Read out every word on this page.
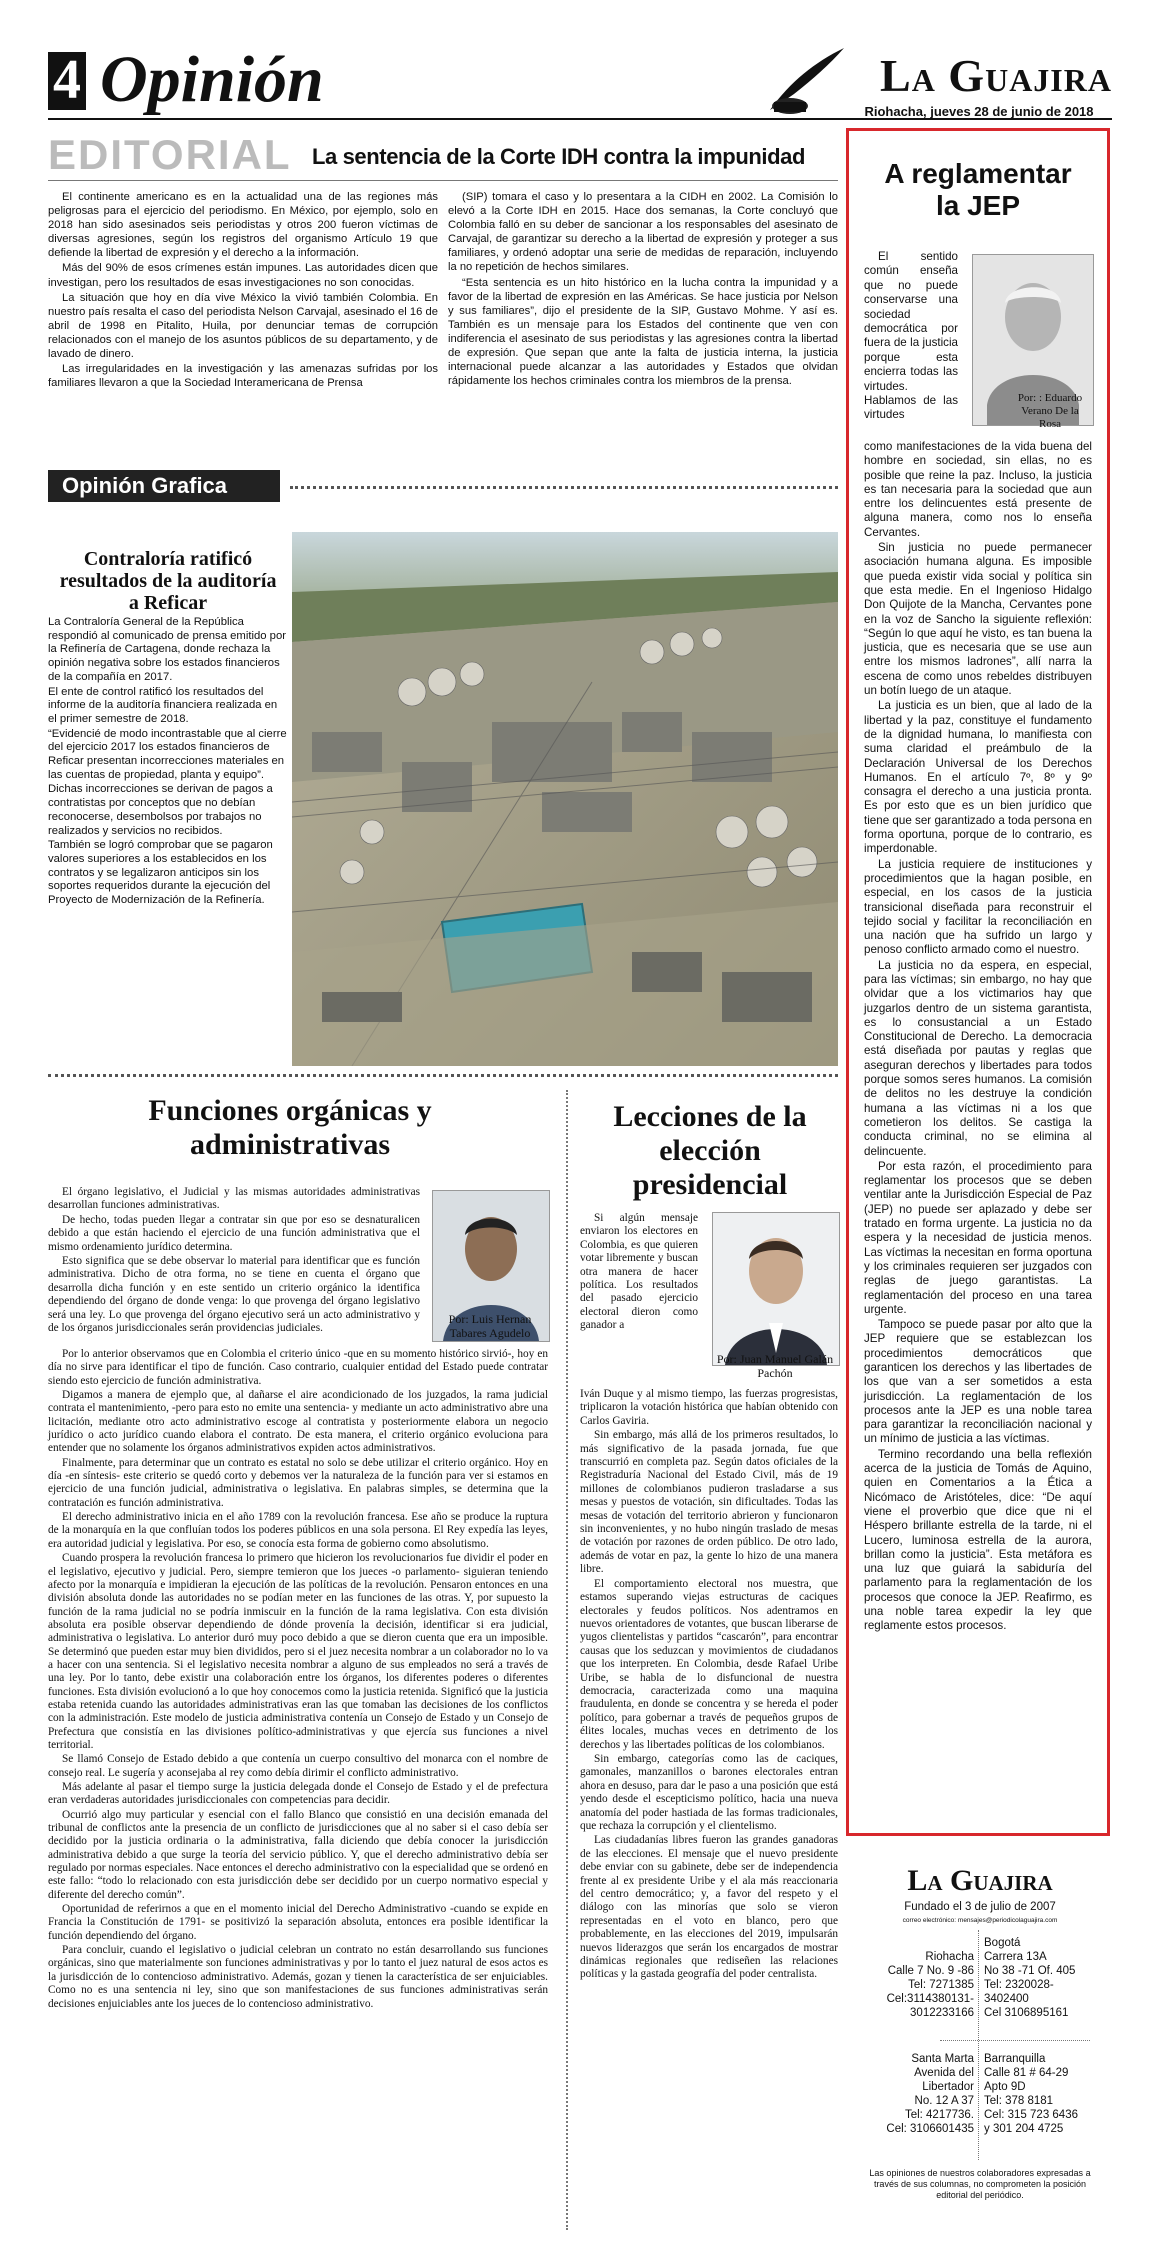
4 Opinión	La Guajira
Riohacha, jueves 28 de junio de 2018
EDITORIAL La sentencia de la Corte IDH contra la impunidad

El continente americano es en la actualidad una de las regiones más peligrosas para el ejercicio del periodismo. En México, por ejemplo, solo en 2018 han sido asesinados seis periodistas y otros 200 fueron víctimas de diversas agresiones, según los registros del organismo Artículo 19 que defiende la libertad de expresión y el derecho a la información.

Más del 90% de esos crímenes están impunes. Las autoridades dicen que investigan, pero los resultados de esas investigaciones no son conocidas.

La situación que hoy en día vive México la vivió también Colombia. En nuestro país resalta el caso del periodista Nelson Carvajal, asesinado el 16 de abril de 1998 en Pitalito, Huila, por denunciar temas de corrupción relacionados con el manejo de los asuntos públicos de su departamento, y de lavado de dinero.

Las irregularidades en la investigación y las amenazas sufridas por los familiares llevaron a que la Sociedad Interamericana de Prensa

(SIP) tomara el caso y lo presentara a la CIDH en 2002. La Comisión lo elevó a la Corte IDH en 2015. Hace dos semanas, la Corte concluyó que Colombia falló en su deber de sancionar a los responsables del asesinato de Carvajal, de garantizar su derecho a la libertad de expresión y proteger a sus familiares, y ordenó adoptar una serie de medidas de reparación, incluyendo la no repetición de hechos similares.

“Esta sentencia es un hito histórico en la lucha contra la impunidad y a favor de la libertad de expresión en las Américas. Se hace justicia por Nelson y sus familiares”, dijo el presidente de la SIP, Gustavo Mohme. Y así es. También es un mensaje para los Estados del continente que ven con indiferencia el asesinato de sus periodistas y las agresiones contra la libertad de expresión. Que sepan que ante la falta de justicia interna, la justicia internacional puede alcanzar a las autoridades y Estados que olvidan rápidamente los hechos criminales contra los miembros de la prensa.

Opinión Grafica
Contraloría ratificó resultados de la auditoría a Reficar

La Contraloría General de la República respondió al comunicado de prensa emitido por la Refinería de Cartagena, donde rechaza la opinión negativa sobre los estados financieros de la compañía en 2017.

El ente de control ratificó los resultados del informe de la auditoría financiera realizada en el primer semestre de 2018.

“Evidencié de modo incontrastable que al cierre del ejercicio 2017 los estados financieros de Reficar presentan incorrecciones materiales en las cuentas de propiedad, planta y equipo”.

Dichas incorrecciones se derivan de pagos a contratistas por conceptos que no debían reconocerse, desembolsos por trabajos no realizados y servicios no recibidos.

También se logró comprobar que se pagaron valores superiores a los establecidos en los contratos y se legalizaron anticipos sin los soportes requeridos durante la ejecución del Proyecto de Modernización de la Refinería.

A reglamentar la JEP
El sentido común enseña que no puede conservarse una sociedad democrática por fuera de la justicia porque esta encierra todas las virtudes. Hablamos de las virtudes
Por: : Eduardo Verano De la Rosa

como manifestaciones de la vida buena del hombre en sociedad, sin ellas, no es posible que reine la paz. Incluso, la justicia es tan necesaria para la sociedad que aun entre los delincuentes está presente de alguna manera, como nos lo enseña Cervantes.

Sin justicia no puede permanecer asociación humana alguna. Es imposible que pueda existir vida social y política sin que esta medie. En el Ingenioso Hidalgo Don Quijote de la Mancha, Cervantes pone en la voz de Sancho la siguiente reflexión: “Según lo que aquí he visto, es tan buena la justicia, que es necesaria que se use aun entre los mismos ladrones”, allí narra la escena de como unos rebeldes distribuyen un botín luego de un ataque.

La justicia es un bien, que al lado de la libertad y la paz, constituye el fundamento de la dignidad humana, lo manifiesta con suma claridad el preámbulo de la Declaración Universal de los Derechos Humanos. En el artículo 7º, 8º y 9º consagra el derecho a una justicia pronta. Es por esto que es un bien jurídico que tiene que ser garantizado a toda persona en forma oportuna, porque de lo contrario, es imperdonable.

La justicia requiere de instituciones y procedimientos que la hagan posible, en especial, en los casos de la justicia transicional diseñada para reconstruir el tejido social y facilitar la reconciliación en una nación que ha sufrido un largo y penoso conflicto armado como el nuestro.

La justicia no da espera, en especial, para las víctimas; sin embargo, no hay que olvidar que a los victimarios hay que juzgarlos dentro de un sistema garantista, es lo consustancial a un Estado Constitucional de Derecho. La democracia está diseñada por pautas y reglas que aseguran derechos y libertades para todos porque somos seres humanos. La comisión de delitos no les destruye la condición humana a las víctimas ni a los que cometieron los delitos. Se castiga la conducta criminal, no se elimina al delincuente.

Por esta razón, el procedimiento para reglamentar los procesos que se deben ventilar ante la Jurisdicción Especial de Paz (JEP) no puede ser aplazado y debe ser tratado en forma urgente. La justicia no da espera y la necesidad de justicia menos. Las víctimas la necesitan en forma oportuna y los criminales requieren ser juzgados con reglas de juego garantistas. La reglamentación del proceso en una tarea urgente.

Tampoco se puede pasar por alto que la JEP requiere que se establezcan los procedimientos democráticos que garanticen los derechos y las libertades de los que van a ser sometidos a esta jurisdicción. La reglamentación de los procesos ante la JEP es una noble tarea para garantizar la reconciliación nacional y un mínimo de justicia a las víctimas.

Termino recordando una bella reflexión acerca de la justicia de Tomás de Aquino, quien en Comentarios a la Ética a Nicómaco de Aristóteles, dice: “De aquí viene el proverbio que dice que ni el Héspero brillante estrella de la tarde, ni el Lucero, luminosa estrella de la aurora, brillan como la justicia”. Esta metáfora es una luz que guiará la sabiduría del parlamento para la reglamentación de los procesos que conoce la JEP. Reafirmo, es una noble tarea expedir la ley que reglamente estos procesos.

Funciones orgánicas y administrativas

El órgano legislativo, el Judicial y las mismas autoridades administrativas desarrollan funciones administrativas.

De hecho, todas pueden llegar a contratar sin que por eso se desnaturalicen debido a que están haciendo el ejercicio de una función administrativa que el mismo ordenamiento jurídico determina.

Esto significa que se debe observar lo material para identificar que es función administrativa. Dicho de otra forma, no se tiene en cuenta el órgano que desarrolla dicha función y en este sentido un criterio orgánico la identifica dependiendo del órgano de donde venga: lo que provenga del órgano legislativo será una ley. Lo que provenga del órgano ejecutivo será un acto administrativo y de los órganos jurisdiccionales serán providencias judiciales.

Por: Luis Hernan Tabares Agudelo

Por lo anterior observamos que en Colombia el criterio único -que en su momento histórico sirvió-, hoy en día no sirve para identificar el tipo de función. Caso contrario, cualquier entidad del Estado puede contratar siendo esto ejercicio de función administrativa.

Digamos a manera de ejemplo que, al dañarse el aire acondicionado de los juzgados, la rama judicial contrata el mantenimiento, -pero para esto no emite una sentencia- y mediante un acto administrativo abre una licitación, mediante otro acto administrativo escoge al contratista y posteriormente elabora un negocio jurídico o acto jurídico cuando elabora el contrato. De esta manera, el criterio orgánico evoluciona para entender que no solamente los órganos administrativos expiden actos administrativos.

Finalmente, para determinar que un contrato es estatal no solo se debe utilizar el criterio orgánico. Hoy en día -en síntesis- este criterio se quedó corto y debemos ver la naturaleza de la función para ver si estamos en ejercicio de una función judicial, administrativa o legislativa. En palabras simples, se determina que la contratación es función administrativa.

El derecho administrativo inicia en el año 1789 con la revolución francesa. Ese año se produce la ruptura de la monarquía en la que confluían todos los poderes públicos en una sola persona. El Rey expedía las leyes, era autoridad judicial y legislativa. Por eso, se conocía esta forma de gobierno como absolutismo.

Cuando prospera la revolución francesa lo primero que hicieron los revolucionarios fue dividir el poder en el legislativo, ejecutivo y judicial. Pero, siempre temieron que los jueces -o parlamento- siguieran teniendo afecto por la monarquía e impidieran la ejecución de las políticas de la revolución. Pensaron entonces en una división absoluta donde las autoridades no se podían meter en las funciones de las otras. Y, por supuesto la función de la rama judicial no se podría inmiscuir en la función de la rama legislativa. Con esta división absoluta era posible observar dependiendo de dónde provenía la decisión, identificar si era judicial, administrativa o legislativa. Lo anterior duró muy poco debido a que se dieron cuenta que era un imposible. Se determinó que pueden estar muy bien divididos, pero si el juez necesita nombrar a un colaborador no lo va a hacer con una sentencia. Si el legislativo necesita nombrar a alguno de sus empleados no será a través de una ley. Por lo tanto, debe existir una colaboración entre los órganos, los diferentes poderes o diferentes funciones. Esta división evolucionó a lo que hoy conocemos como la justicia retenida. Significó que la justicia estaba retenida cuando las autoridades administrativas eran las que tomaban las decisiones de los conflictos con la administración. Este modelo de justicia administrativa contenía un Consejo de Estado y un Consejo de Prefectura que consistía en las divisiones político-administrativas y que ejercía sus funciones a nivel territorial.

Se llamó Consejo de Estado debido a que contenía un cuerpo consultivo del monarca con el nombre de consejo real. Le sugería y aconsejaba al rey como debía dirimir el conflicto administrativo.

Más adelante al pasar el tiempo surge la justicia delegada donde el Consejo de Estado y el de prefectura eran verdaderas autoridades jurisdiccionales con competencias para decidir.

Ocurrió algo muy particular y esencial con el fallo Blanco que consistió en una decisión emanada del tribunal de conflictos ante la presencia de un conflicto de jurisdicciones que al no saber si el caso debía ser decidido por la justicia ordinaria o la administrativa, falla diciendo que debía conocer la jurisdicción administrativa debido a que surge la teoría del servicio público. Y, que el derecho administrativo debía ser regulado por normas especiales. Nace entonces el derecho administrativo con la especialidad que se ordenó en este fallo: “todo lo relacionado con esta jurisdicción debe ser decidido por un cuerpo normativo especial y diferente del derecho común”.

Oportunidad de referirnos a que en el momento inicial del Derecho Administrativo -cuando se expide en Francia la Constitución de 1791- se positivizó la separación absoluta, entonces era posible identificar la función dependiendo del órgano.

Para concluir, cuando el legislativo o judicial celebran un contrato no están desarrollando sus funciones orgánicas, sino que materialmente son funciones administrativas y por lo tanto el juez natural de esos actos es la jurisdicción de lo contencioso administrativo. Además, gozan y tienen la característica de ser enjuiciables. Como no es una sentencia ni ley, sino que son manifestaciones de sus funciones administrativas serán decisiones enjuiciables ante los jueces de lo contencioso administrativo.

Lecciones de la elección presidencial
Si algún mensaje enviaron los electores en Colombia, es que quieren votar libremente y buscan otra manera de hacer política. Los resultados del pasado ejercicio electoral dieron como ganador a
Por: Juan Manuel Galán Pachón

Iván Duque y al mismo tiempo, las fuerzas progresistas, triplicaron la votación histórica que habían obtenido con Carlos Gaviria.

Sin embargo, más allá de los primeros resultados, lo más significativo de la pasada jornada, fue que transcurrió en completa paz. Según datos oficiales de la Registraduría Nacional del Estado Civil, más de 19 millones de colombianos pudieron trasladarse a sus mesas y puestos de votación, sin dificultades. Todas las mesas de votación del territorio abrieron y funcionaron sin inconvenientes, y no hubo ningún traslado de mesas de votación por razones de orden público. De otro lado, además de votar en paz, la gente lo hizo de una manera libre.

El comportamiento electoral nos muestra, que estamos superando viejas estructuras de caciques electorales y feudos políticos. Nos adentramos en nuevos orientadores de votantes, que buscan liberarse de yugos clientelistas y partidos “cascarón”, para encontrar causas que los seduzcan y movimientos de ciudadanos que los interpreten. En Colombia, desde Rafael Uribe Uribe, se habla de lo disfuncional de nuestra democracia, caracterizada como una maquina fraudulenta, en donde se concentra y se hereda el poder político, para gobernar a través de pequeños grupos de élites locales, muchas veces en detrimento de los derechos y las libertades políticas de los colombianos.

Sin embargo, categorías como las de caciques, gamonales, manzanillos o barones electorales entran ahora en desuso, para dar le paso a una posición que está yendo desde el escepticismo político, hacia una nueva anatomía del poder hastiada de las formas tradicionales, que rechaza la corrupción y el clientelismo.

Las ciudadanías libres fueron las grandes ganadoras de las elecciones. El mensaje que el nuevo presidente debe enviar con su gabinete, debe ser de independencia frente al ex presidente Uribe y el ala más reaccionaria del centro democrático; y, a favor del respeto y el diálogo con las minorías que solo se vieron representadas en el voto en blanco, pero que probablemente, en las elecciones del 2019, impulsarán nuevos liderazgos que serán los encargados de mostrar dinámicas regionales que rediseñen las relaciones políticas y la gastada geografía del poder centralista.

La Guajira
Fundado el 3 de julio de 2007
correo electrónico: mensajes@periodicolaguajira.com
Riohacha
Calle 7 No. 9 -86
Tel: 7271385
Cel:3114380131-
3012233166
Bogotá
Carrera 13A
No 38 -71 Of. 405
Tel: 2320028-
3402400
Cel 3106895161
Santa Marta
Avenida del
Libertador
No. 12 A 37
Tel: 4217736.
Cel: 3106601435
Barranquilla
Calle 81 # 64-29
Apto 9D
Tel: 378 8181
Cel: 315 723 6436
y 301 204 4725
Las opiniones de nuestros colaboradores expresadas a través de sus columnas, no comprometen la posición editorial del periódico.
